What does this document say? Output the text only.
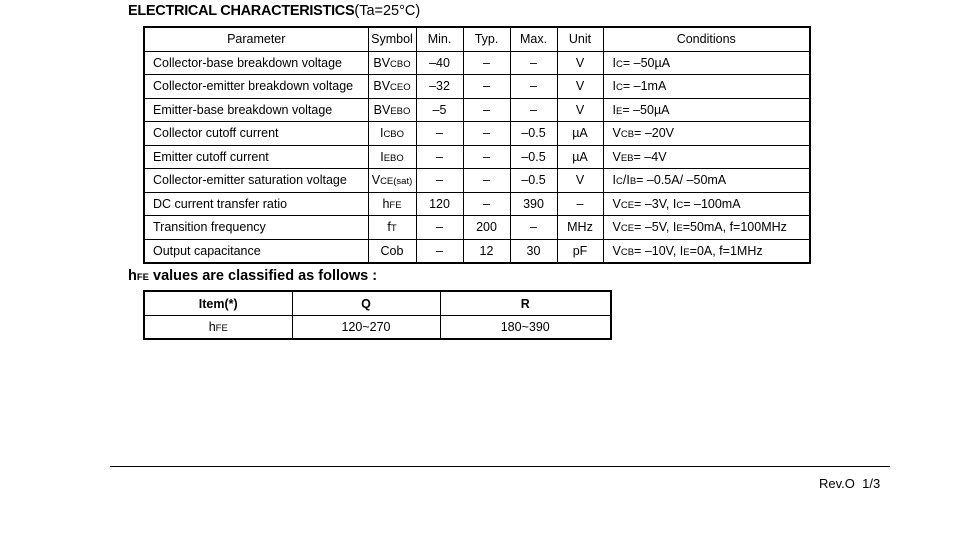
ELECTRICAL CHARACTERISTICS(Ta=25°C)
Parameter	Symbol	Min.	Typ.	Max.	Unit	Conditions
Collector-base breakdown voltage	BVCBO	–40	–	–	V	IC= –50µA
Collector-emitter breakdown voltage	BVCEO	–32	–	–	V	IC= –1mA
Emitter-base breakdown voltage	BVEBO	–5	–	–	V	IE= –50µA
Collector cutoff current	ICBO	–	–	–0.5	µA	VCB= –20V
Emitter cutoff current	IEBO	–	–	–0.5	µA	VEB= –4V
Collector-emitter saturation voltage	VCE(sat)	–	–	–0.5	V	IC/IB= –0.5A/ –50mA
DC current transfer ratio	hFE	120	–	390	–	VCE= –3V, IC= –100mA
Transition frequency	fT	–	200	–	MHz	VCE= –5V, IE=50mA, f=100MHz
Output capacitance	Cob	–	12	30	pF	VCB= –10V, IE=0A, f=1MHz
hFE values are classified as follows :
Item(*)	Q	R
hFE	120~270	180~390
Rev.O 1/3
